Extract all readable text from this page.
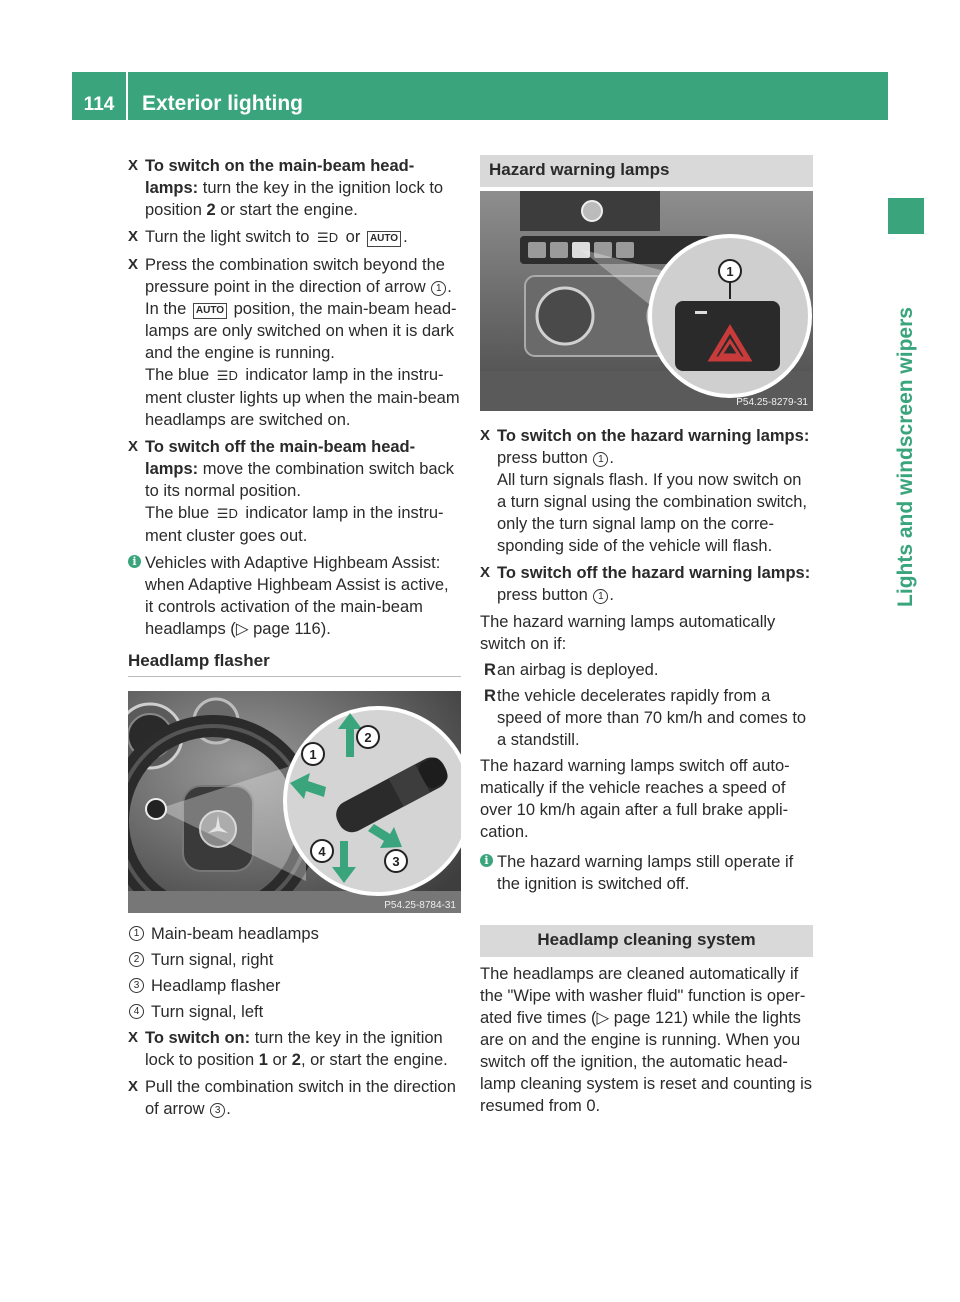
114	Exterior lighting
Lights and windscreen wipers
X To switch on the main-beam head-lamps: turn the key in the ignition lock to position 2 or start the engine.
X Turn the light switch to ☰D or AUTO .
X Press the combination switch beyond the pressure point in the direction of arrow 1 .
In the AUTO position, the main-beam head-lamps are only switched on when it is dark and the engine is running.
The blue ☰D indicator lamp in the instru-ment cluster lights up when the main-beam headlamps are switched on.
X To switch off the main-beam head-lamps: move the combination switch back to its normal position.
The blue ☰D indicator lamp in the instru-ment cluster goes out.
i Vehicles with Adaptive Highbeam Assist: when Adaptive Highbeam Assist is active, it controls activation of the main-beam headlamps (▷ page 116).
Headlamp flasher
1
2
3
4
P54.25-8784-31
1 Main-beam headlamps
2 Turn signal, right
3 Headlamp flasher
4 Turn signal, left
X To switch on: turn the key in the ignition lock to position 1 or 2, or start the engine.
X Pull the combination switch in the direction of arrow 3 .
Hazard warning lamps
1
P54.25-8279-31
X To switch on the hazard warning lamps:
press button 1 .
All turn signals flash. If you now switch on a turn signal using the combination switch, only the turn signal lamp on the corre-sponding side of the vehicle will flash.
X To switch off the hazard warning lamps: press button 1 .

The hazard warning lamps automatically switch on if:

R an airbag is deployed.
R the vehicle decelerates rapidly from a speed of more than 70 km/h and comes to a standstill.

The hazard warning lamps switch off auto-matically if the vehicle reaches a speed of over 10 km/h again after a full brake appli-cation.

i The hazard warning lamps still operate if the ignition is switched off.
Headlamp cleaning system

The headlamps are cleaned automatically if the "Wipe with washer fluid" function is oper-ated five times (▷ page 121) while the lights are on and the engine is running. When you switch off the ignition, the automatic head-lamp cleaning system is reset and counting is resumed from 0.
